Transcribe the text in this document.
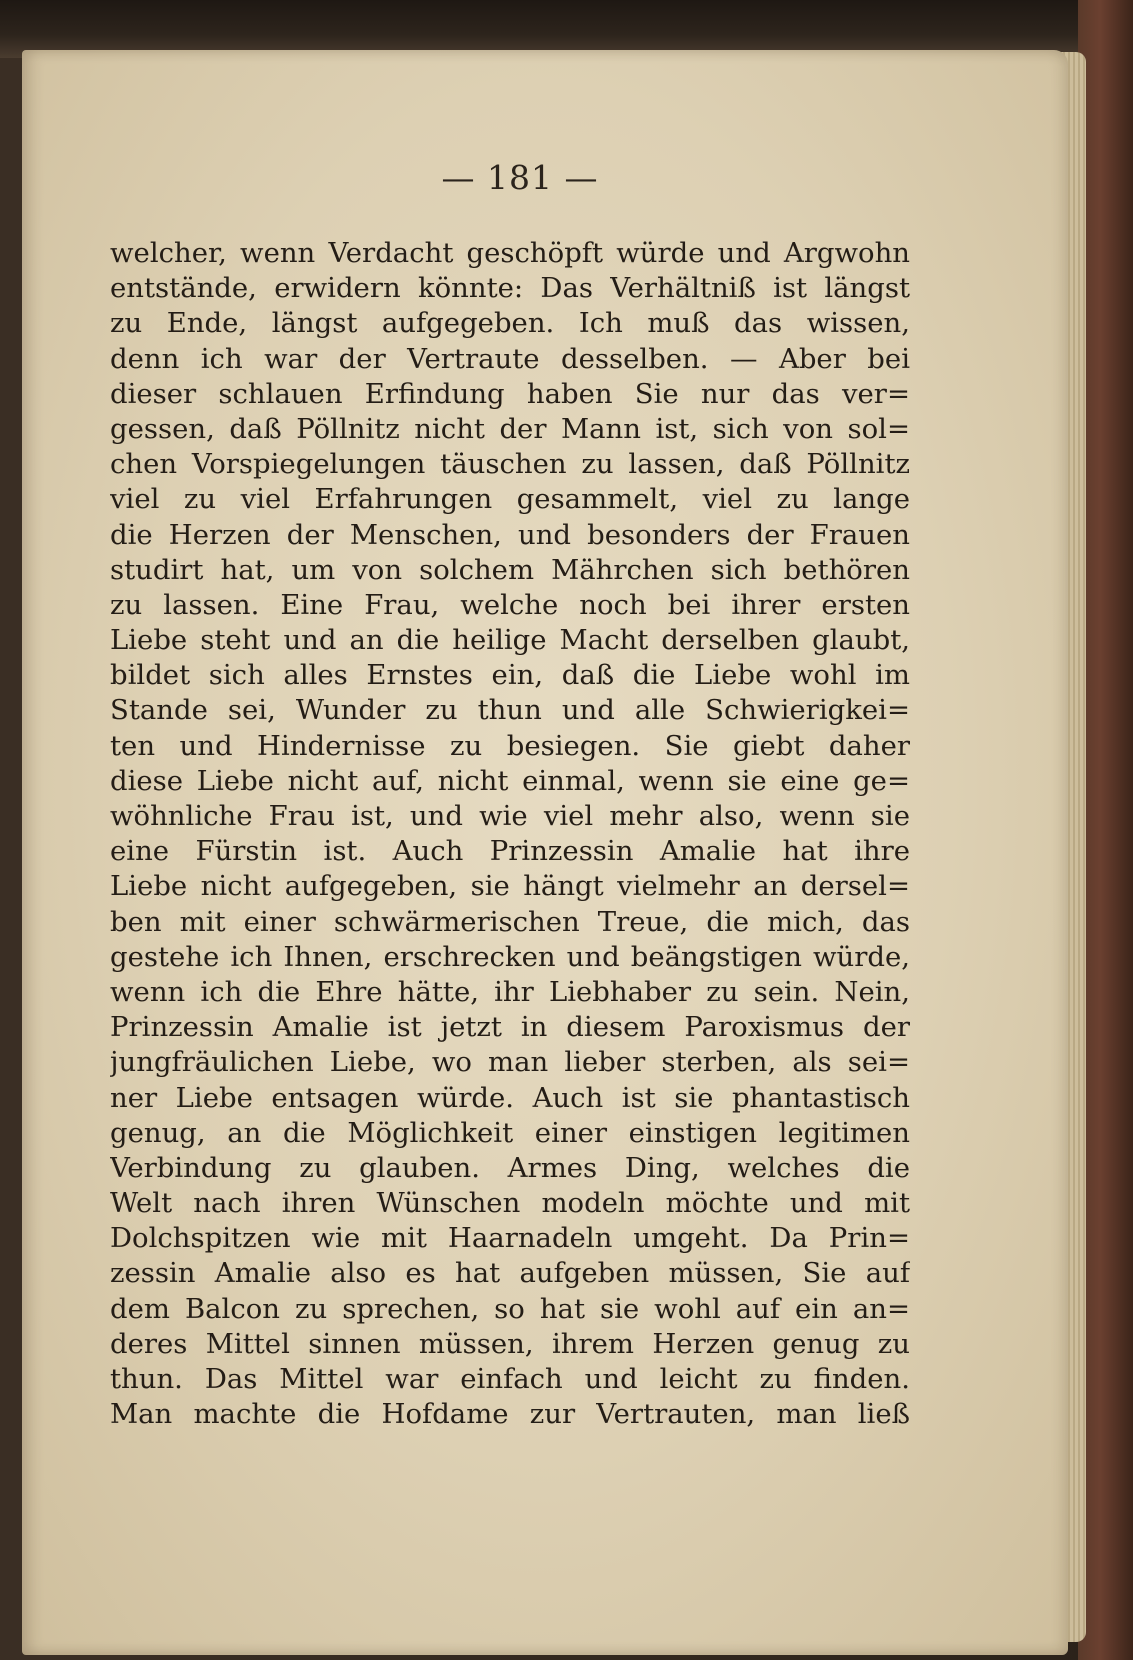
— 181 —
welcher, wenn Verdacht geschöpft würde und Argwohn
entstände, erwidern könnte: Das Verhältniß ist längst
zu Ende, längst aufgegeben. Ich muß das wissen,
denn ich war der Vertraute desselben. — Aber bei
dieser schlauen Erfindung haben Sie nur das ver=
gessen, daß Pöllnitz nicht der Mann ist, sich von sol=
chen Vorspiegelungen täuschen zu lassen, daß Pöllnitz
viel zu viel Erfahrungen gesammelt, viel zu lange
die Herzen der Menschen, und besonders der Frauen
studirt hat, um von solchem Mährchen sich bethören
zu lassen. Eine Frau, welche noch bei ihrer ersten
Liebe steht und an die heilige Macht derselben glaubt,
bildet sich alles Ernstes ein, daß die Liebe wohl im
Stande sei, Wunder zu thun und alle Schwierigkei=
ten und Hindernisse zu besiegen. Sie giebt daher
diese Liebe nicht auf, nicht einmal, wenn sie eine ge=
wöhnliche Frau ist, und wie viel mehr also, wenn sie
eine Fürstin ist. Auch Prinzessin Amalie hat ihre
Liebe nicht aufgegeben, sie hängt vielmehr an dersel=
ben mit einer schwärmerischen Treue, die mich, das
gestehe ich Ihnen, erschrecken und beängstigen würde,
wenn ich die Ehre hätte, ihr Liebhaber zu sein. Nein,
Prinzessin Amalie ist jetzt in diesem Paroxismus der
jungfräulichen Liebe, wo man lieber sterben, als sei=
ner Liebe entsagen würde. Auch ist sie phantastisch
genug, an die Möglichkeit einer einstigen legitimen
Verbindung zu glauben. Armes Ding, welches die
Welt nach ihren Wünschen modeln möchte und mit
Dolchspitzen wie mit Haarnadeln umgeht. Da Prin=
zessin Amalie also es hat aufgeben müssen, Sie auf
dem Balcon zu sprechen, so hat sie wohl auf ein an=
deres Mittel sinnen müssen, ihrem Herzen genug zu
thun. Das Mittel war einfach und leicht zu finden.
Man machte die Hofdame zur Vertrauten, man ließ
